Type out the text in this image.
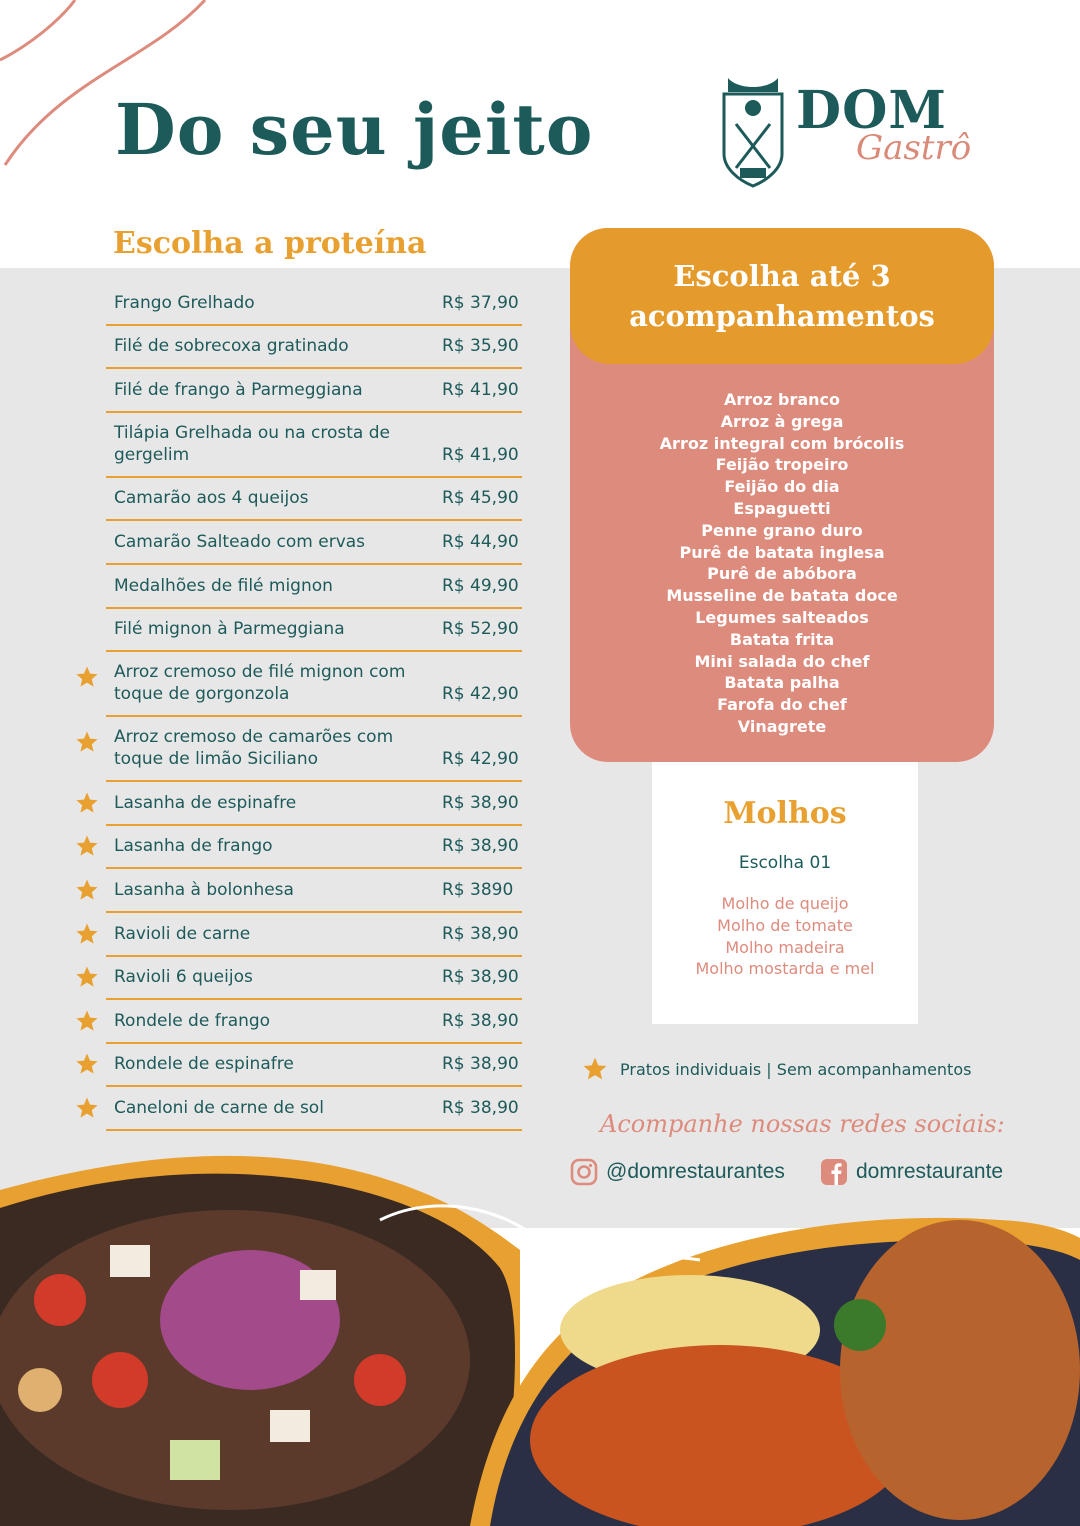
Do seu jeito	DOM
Gastrô
Escolha a proteína
Frango Grelhado	R$ 37,90
Filé de sobrecoxa gratinado	R$ 35,90
Filé de frango à Parmeggiana	R$ 41,90
Tilápia Grelhada ou na crosta de gergelim	R$ 41,90
Camarão aos 4 queijos	R$ 45,90
Camarão Salteado com ervas	R$ 44,90
Medalhões de filé mignon	R$ 49,90
Filé mignon à Parmeggiana	R$ 52,90
Arroz cremoso de filé mignon com toque de gorgonzola	R$ 42,90
Arroz cremoso de camarões com toque de limão Siciliano	R$ 42,90
Lasanha de espinafre	R$ 38,90
Lasanha de frango	R$ 38,90
Lasanha à bolonhesa	R$ 3890
Ravioli de carne	R$ 38,90
Ravioli 6 queijos	R$ 38,90
Rondele de frango	R$ 38,90
Rondele de espinafre	R$ 38,90
Caneloni de carne de sol	R$ 38,90
Escolha até 3
acompanhamentos
Arroz branco
Arroz à grega
Arroz integral com brócolis
Feijão tropeiro
Feijão do dia
Espaguetti
Penne grano duro
Purê de batata inglesa
Purê de abóbora
Musseline de batata doce
Legumes salteados
Batata frita
Mini salada do chef
Batata palha
Farofa do chef
Vinagrete
Molhos
Escolha 01
Molho de queijo
Molho de tomate
Molho madeira
Molho mostarda e mel
Pratos individuais | Sem acompanhamentos
Acompanhe nossas redes sociais:
@domrestaurantes	domrestaurante
